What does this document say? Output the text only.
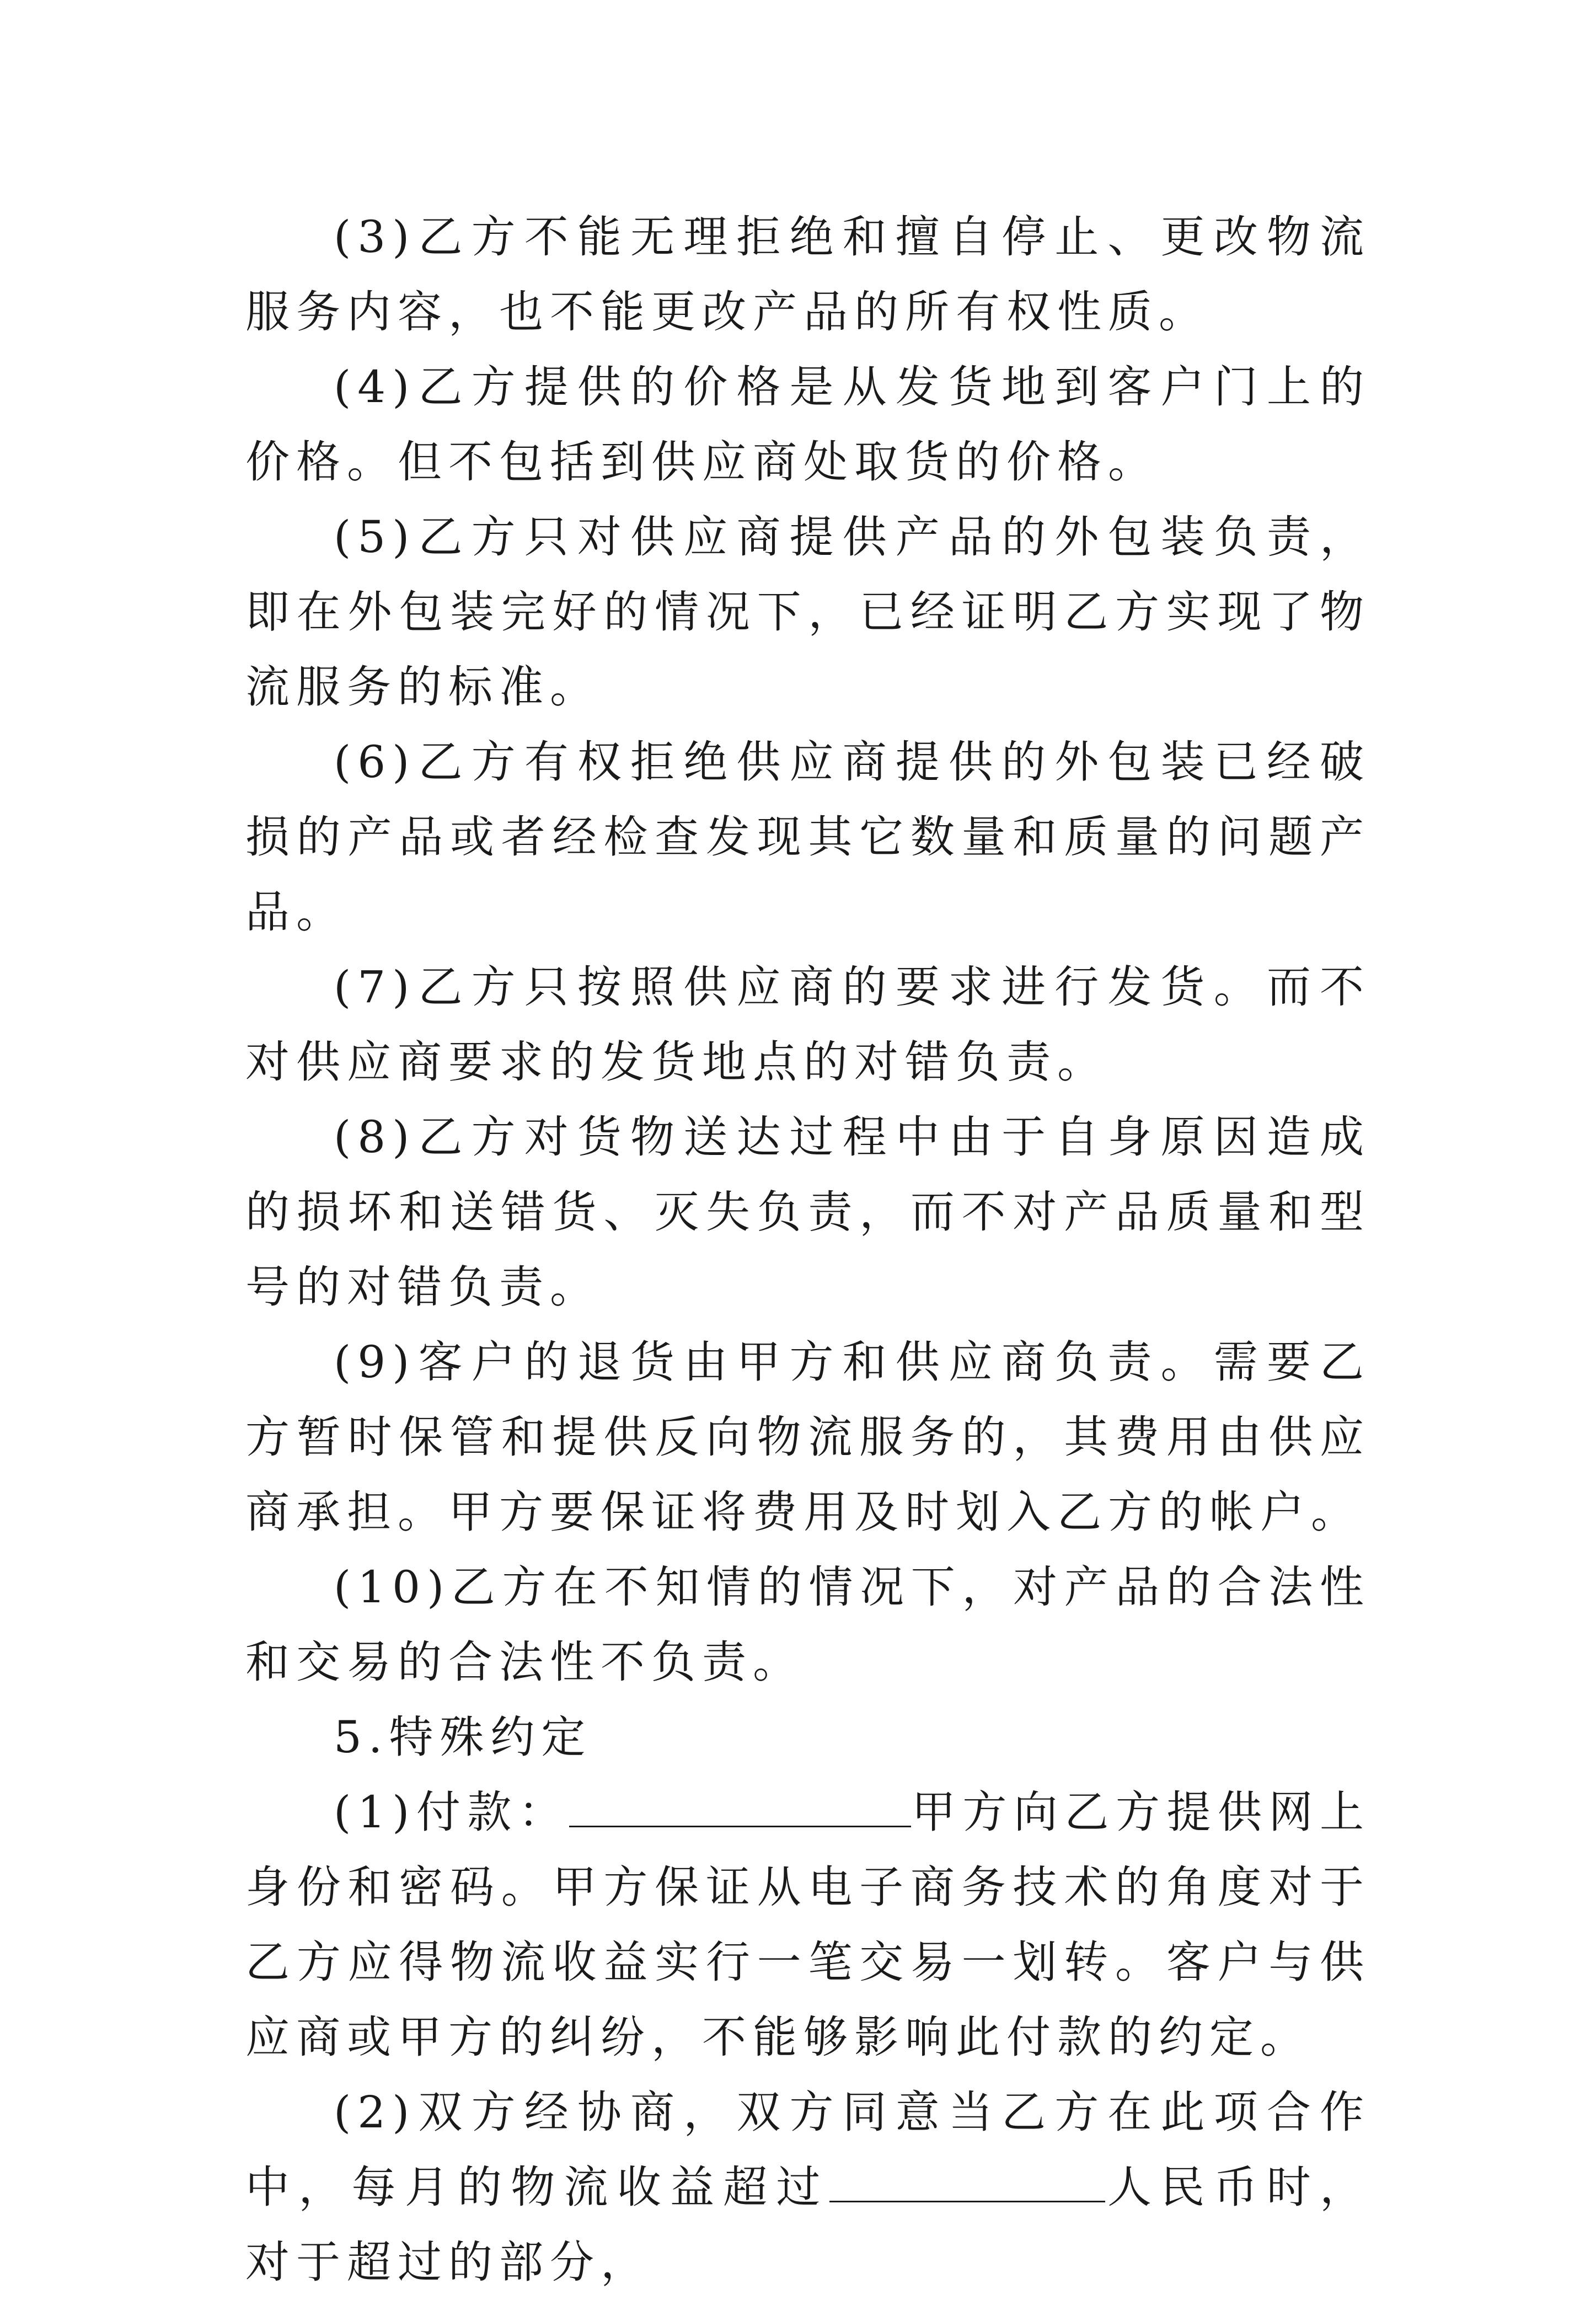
(3)乙方不能无理拒绝和擅自停止、更改物流服务内容，也不能更改产品的所有权性质。

(4)乙方提供的价格是从发货地到客户门上的价格。但不包括到供应商处取货的价格。

(5)乙方只对供应商提供产品的外包装负责，即在外包装完好的情况下，已经证明乙方实现了物流服务的标准。

(6)乙方有权拒绝供应商提供的外包装已经破损的产品或者经检查发现其它数量和质量的问题产品。

(7)乙方只按照供应商的要求进行发货。而不对供应商要求的发货地点的对错负责。

(8)乙方对货物送达过程中由于自身原因造成的损坏和送错货、灭失负责，而不对产品质量和型号的对错负责。

(9)客户的退货由甲方和供应商负责。需要乙方暂时保管和提供反向物流服务的，其费用由供应商承担。甲方要保证将费用及时划入乙方的帐户。

(10)乙方在不知情的情况下，对产品的合法性和交易的合法性不负责。

5.特殊约定

(1)付款：	甲方向乙方提供网上身份和密码。甲方保证从电子商务技术的角度对于乙方应得物流收益实行一笔交易一划转。客户与供应商或甲方的纠纷，不能够影响此付款的约定。

(2)双方经协商，双方同意当乙方在此项合作中，每月的物流收益超过	人民币时，对于超过的部分，
